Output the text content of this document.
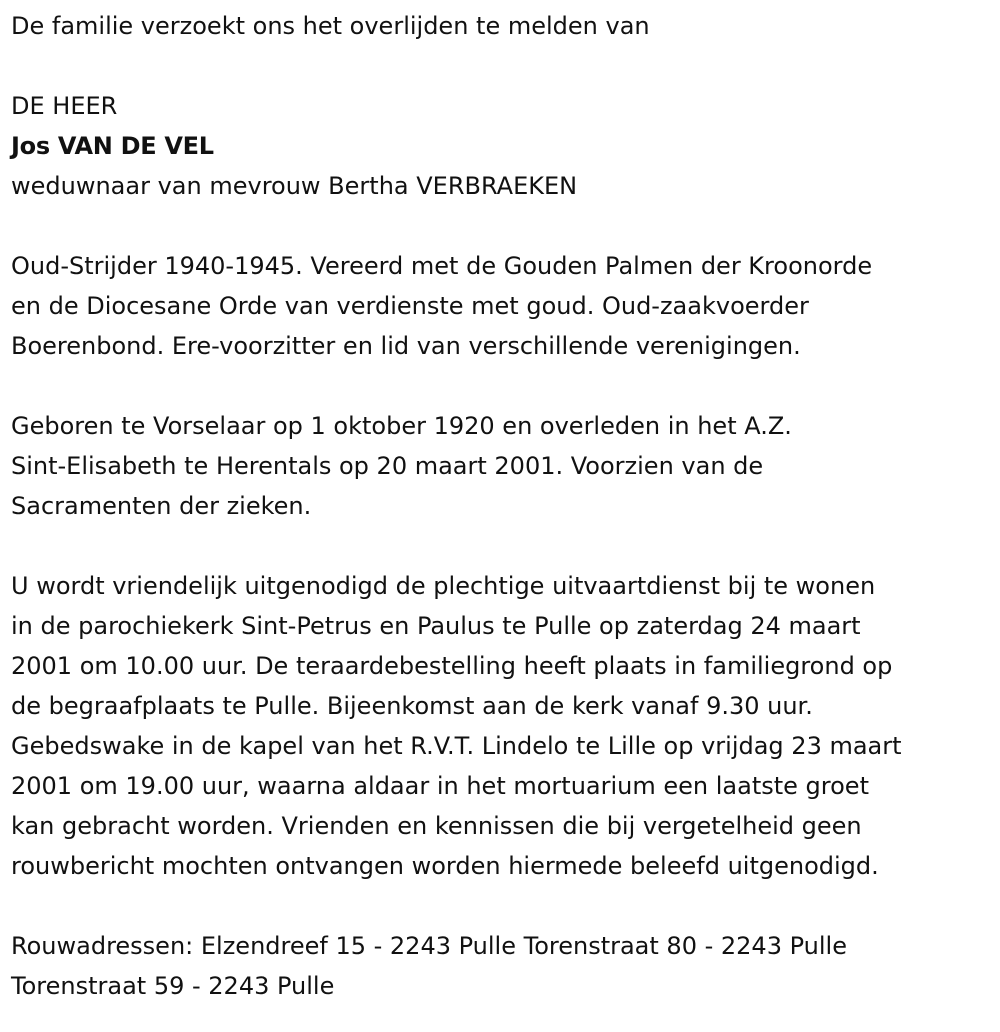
De familie verzoekt ons het overlijden te melden van
DE HEER
Jos VAN DE VEL
weduwnaar van mevrouw Bertha VERBRAEKEN
Oud-Strijder 1940-1945. Vereerd met de Gouden Palmen der Kroonorde
en de Diocesane Orde van verdienste met goud. Oud-zaakvoerder
Boerenbond. Ere-voorzitter en lid van verschillende verenigingen.
Geboren te Vorselaar op 1 oktober 1920 en overleden in het A.Z.
Sint-Elisabeth te Herentals op 20 maart 2001. Voorzien van de
Sacramenten der zieken.
U wordt vriendelijk uitgenodigd de plechtige uitvaartdienst bij te wonen
in de parochiekerk Sint-Petrus en Paulus te Pulle op zaterdag 24 maart
2001 om 10.00 uur. De teraardebestelling heeft plaats in familiegrond op
de begraafplaats te Pulle. Bijeenkomst aan de kerk vanaf 9.30 uur.
Gebedswake in de kapel van het R.V.T. Lindelo te Lille op vrijdag 23 maart
2001 om 19.00 uur, waarna aldaar in het mortuarium een laatste groet
kan gebracht worden. Vrienden en kennissen die bij vergetelheid geen
rouwbericht mochten ontvangen worden hiermede beleefd uitgenodigd.
Rouwadressen: Elzendreef 15 - 2243 Pulle Torenstraat 80 - 2243 Pulle
Torenstraat 59 - 2243 Pulle
